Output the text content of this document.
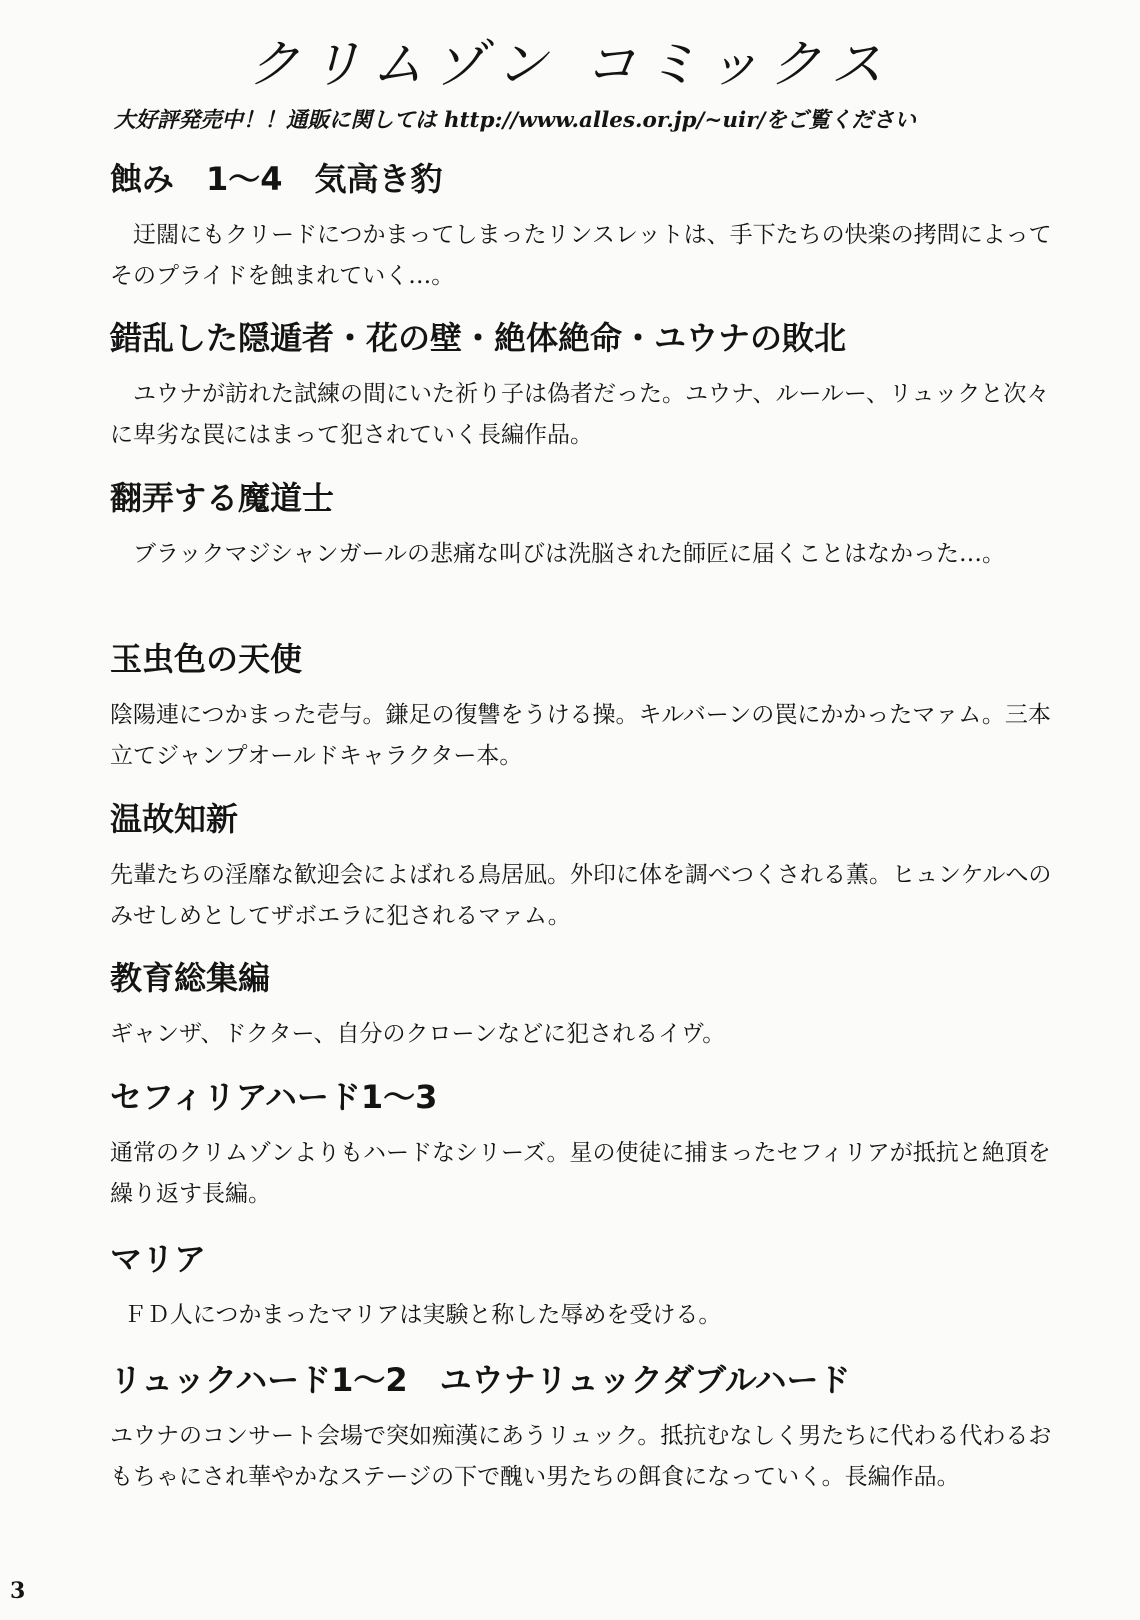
クリムゾン コミックス
大好評発売中！！通販に関しては http://www.alles.or.jp/~uir/をご覧ください
蝕み　1～4　気高き豹

迂闊にもクリードにつかまってしまったリンスレットは、手下たちの快楽の拷問によってそのプライドを蝕まれていく…。

錯乱した隠遁者・花の壁・絶体絶命・ユウナの敗北

ユウナが訪れた試練の間にいた祈り子は偽者だった。ユウナ、ルールー、リュックと次々に卑劣な罠にはまって犯されていく長編作品。

翻弄する魔道士

ブラックマジシャンガールの悲痛な叫びは洗脳された師匠に届くことはなかった…。

玉虫色の天使

陰陽連につかまった壱与。鎌足の復讐をうける操。キルバーンの罠にかかったマァム。三本立てジャンプオールドキャラクター本。

温故知新

先輩たちの淫靡な歓迎会によばれる鳥居凪。外印に体を調べつくされる薫。ヒュンケルへのみせしめとしてザボエラに犯されるマァム。

教育総集編

ギャンザ、ドクター、自分のクローンなどに犯されるイヴ。

セフィリアハード1～3

通常のクリムゾンよりもハードなシリーズ。星の使徒に捕まったセフィリアが抵抗と絶頂を繰り返す長編。

マリア

ＦＤ人につかまったマリアは実験と称した辱めを受ける。

リュックハード1～2　ユウナリュックダブルハード

ユウナのコンサート会場で突如痴漢にあうリュック。抵抗むなしく男たちに代わる代わるおもちゃにされ華やかなステージの下で醜い男たちの餌食になっていく。長編作品。

3
